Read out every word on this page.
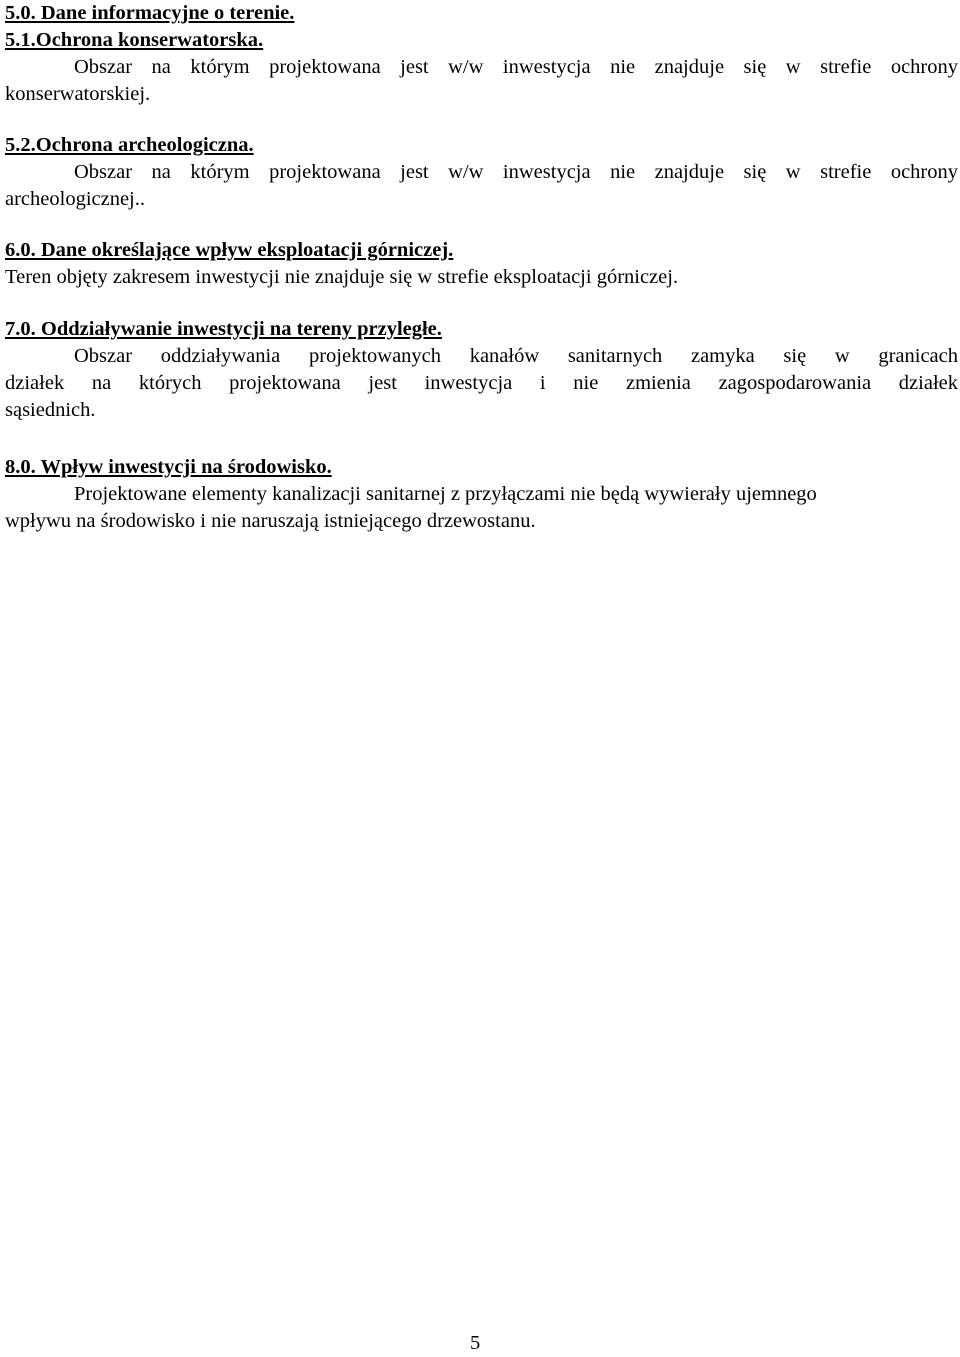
5.0. Dane informacyjne o terenie.
5.1.Ochrona konserwatorska.
Obszar na którym projektowana jest w/w inwestycja nie znajduje się w strefie ochrony
konserwatorskiej.
5.2.Ochrona archeologiczna.
Obszar na którym projektowana jest w/w inwestycja nie znajduje się w strefie ochrony
archeologicznej..
6.0. Dane określające wpływ eksploatacji górniczej.
Teren objęty zakresem inwestycji nie znajduje się w strefie eksploatacji górniczej.
7.0. Oddziaływanie inwestycji na tereny przyległe.
Obszar oddziaływania projektowanych kanałów sanitarnych zamyka się w granicach
działek na których projektowana jest inwestycja i nie zmienia zagospodarowania działek
sąsiednich.
8.0. Wpływ inwestycji na środowisko.
Projektowane elementy kanalizacji sanitarnej z przyłączami nie będą wywierały ujemnego
wpływu na środowisko i nie naruszają istniejącego drzewostanu.
5
